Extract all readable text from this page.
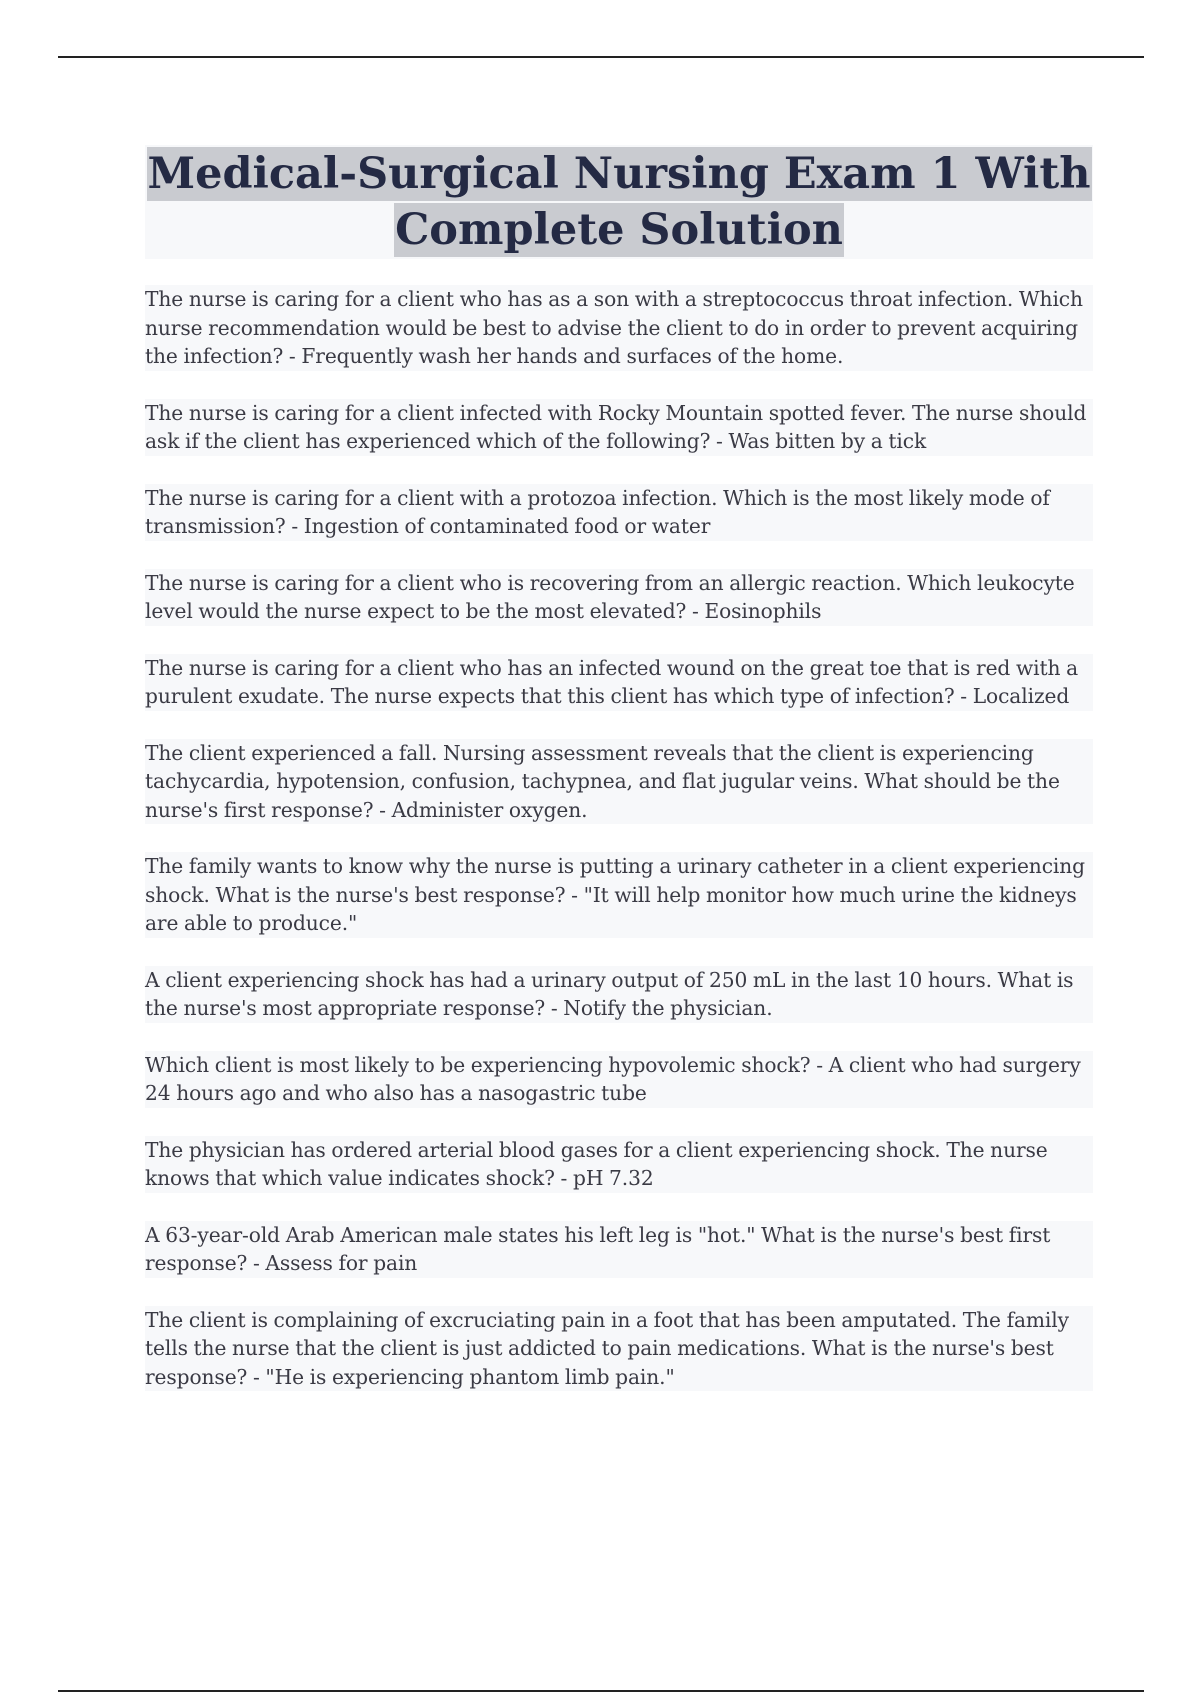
Medical-Surgical Nursing Exam 1 With
Complete Solution

The nurse is caring for a client who has as a son with a streptococcus throat infection. Which nurse recommendation would be best to advise the client to do in order to prevent acquiring the infection? - Frequently wash her hands and surfaces of the home.

The nurse is caring for a client infected with Rocky Mountain spotted fever. The nurse should ask if the client has experienced which of the following? - Was bitten by a tick

The nurse is caring for a client with a protozoa infection. Which is the most likely mode of transmission? - Ingestion of contaminated food or water

The nurse is caring for a client who is recovering from an allergic reaction. Which leukocyte level would the nurse expect to be the most elevated? - Eosinophils

The nurse is caring for a client who has an infected wound on the great toe that is red with a purulent exudate. The nurse expects that this client has which type of infection? - Localized

The client experienced a fall. Nursing assessment reveals that the client is experiencing tachycardia, hypotension, confusion, tachypnea, and flat jugular veins. What should be the nurse's first response? - Administer oxygen.

The family wants to know why the nurse is putting a urinary catheter in a client experiencing shock. What is the nurse's best response? - "It will help monitor how much urine the kidneys are able to produce."

A client experiencing shock has had a urinary output of 250 mL in the last 10 hours. What is the nurse's most appropriate response? - Notify the physician.

Which client is most likely to be experiencing hypovolemic shock? - A client who had surgery 24 hours ago and who also has a nasogastric tube

The physician has ordered arterial blood gases for a client experiencing shock. The nurse knows that which value indicates shock? - pH 7.32

A 63-year-old Arab American male states his left leg is "hot." What is the nurse's best first response? - Assess for pain

The client is complaining of excruciating pain in a foot that has been amputated. The family tells the nurse that the client is just addicted to pain medications. What is the nurse's best response? - "He is experiencing phantom limb pain."
